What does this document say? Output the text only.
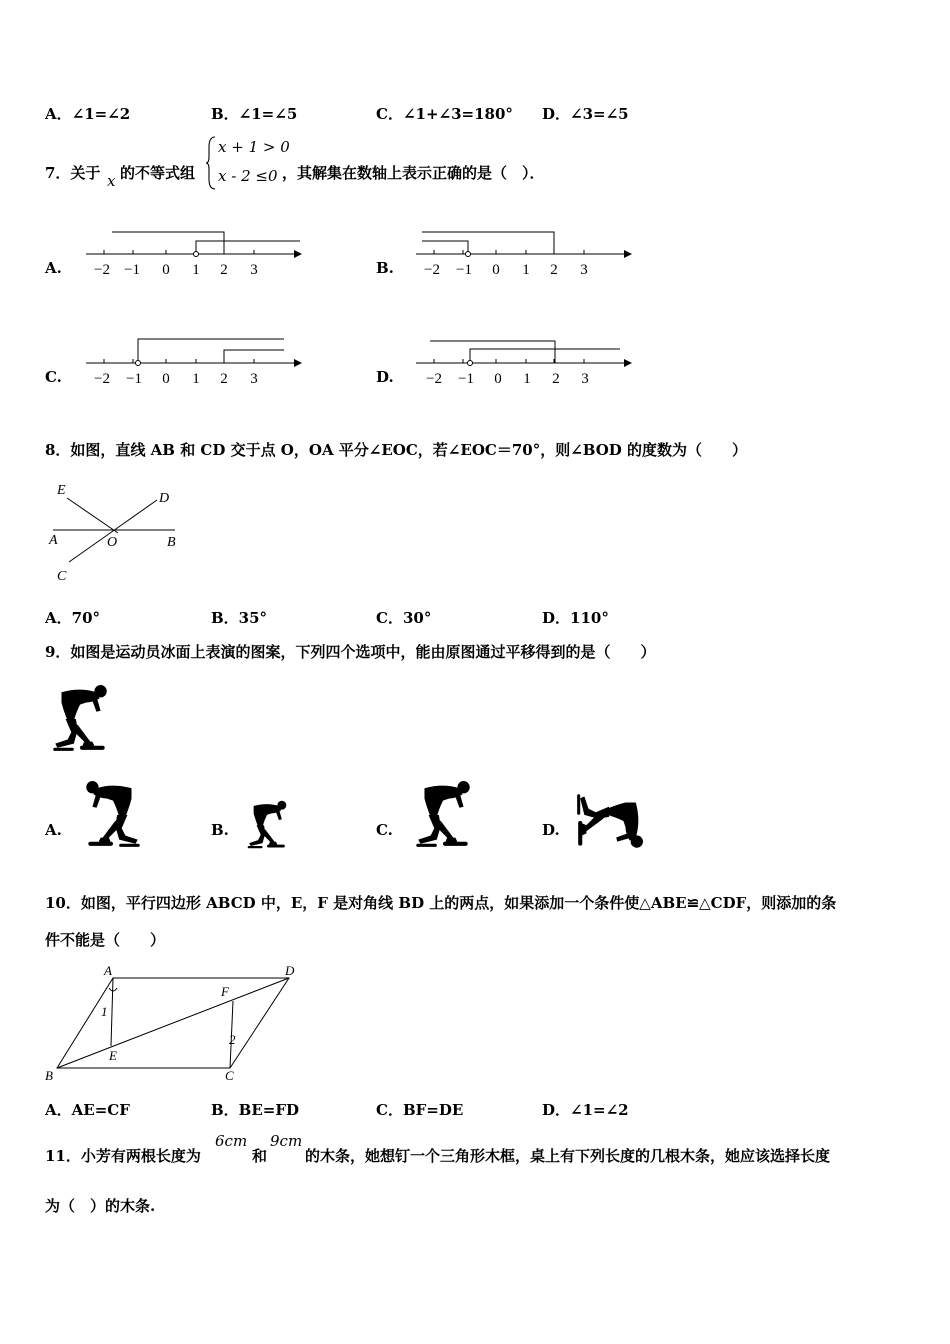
A．∠1=∠2	B．∠1=∠5	C．∠1+∠3=180° D．∠3=∠5
7．关于 x 的不等式组
x + 1 > 0
x - 2 ≤0 ，其解集在数轴上表示正确的是（　）．
A. −2 −1 0 1 2 3	B. −2 −1 0 1 2 3
C. −2 −1 0 1 2 3	D. −2 −1 0 1 2 3
8．如图，直线 AB 和 CD 交于点 O，OA 平分∠EOC，若∠EOC＝70°，则∠BOD 的度数为（　　）
E
D
A	O	B
C
A．70°	B．35°	C．30°	D．110°
9．如图是运动员冰面上表演的图案，下列四个选项中，能由原图通过平移得到的是（　　）
A.	B.	C.	D.
10．如图，平行四边形 ABCD 中，E，F 是对角线 BD 上的两点，如果添加一个条件使△ABE≌△CDF，则添加的条
件不能是（　　）
A	D
F
1
2
E
B	C
A．AE=CF	B．BE=FD	C．BF=DE	D．∠1=∠2
11．小芳有两根长度为
6cm
和
9cm
的木条，她想钉一个三角形木框，桌上有下列长度的几根木条，她应该选择长度
为（　）的木条.
